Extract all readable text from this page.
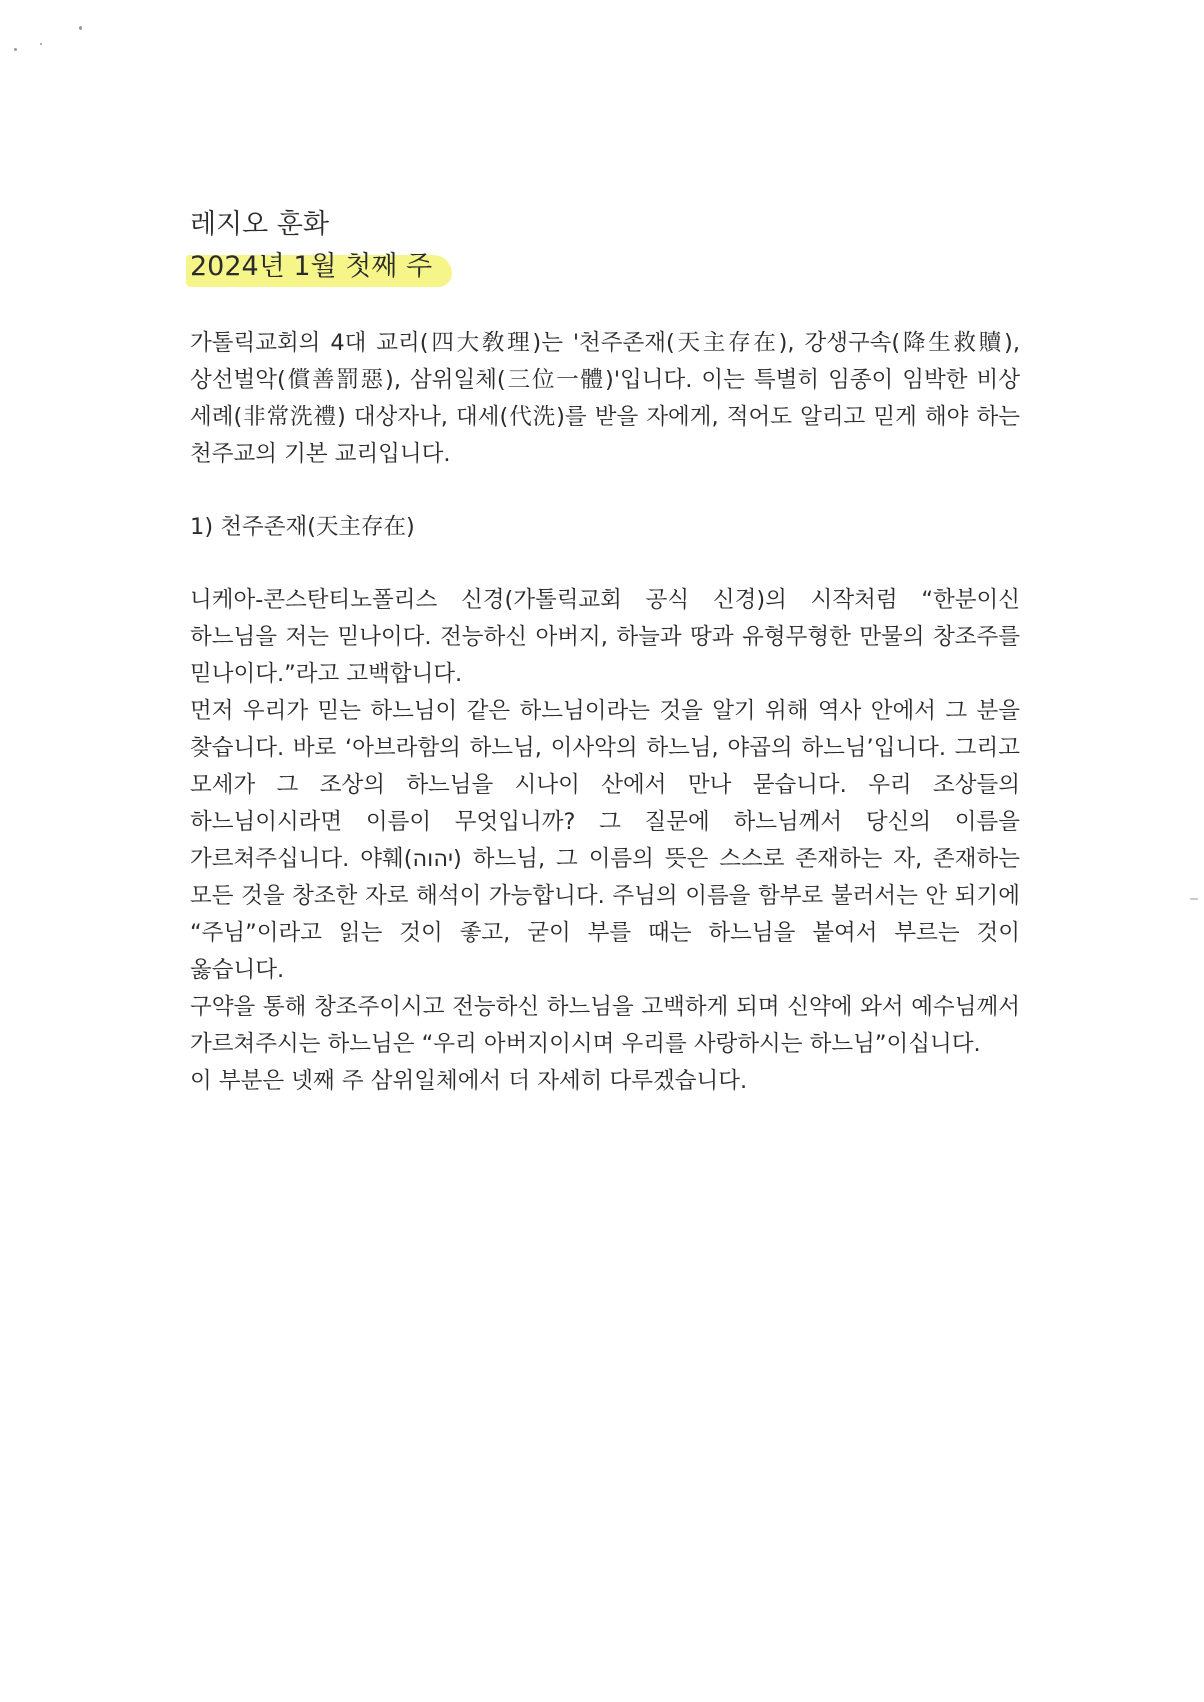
레지오 훈화
2024년 1월 첫째 주

가톨릭교회의 4대 교리(四大敎理)는 '천주존재(天主存在), 강생구속(降生救贖), 상선벌악(償善罰惡), 삼위일체(三位一體)'입니다. 이는 특별히 임종이 임박한 비상 세례(非常洗禮) 대상자나, 대세(代洗)를 받을 자에게, 적어도 알리고 믿게 해야 하는 천주교의 기본 교리입니다.

1) 천주존재(天主存在)

니케아-콘스탄티노폴리스 신경(가톨릭교회 공식 신경)의 시작처럼 “한분이신 하느님을 저는 믿나이다. 전능하신 아버지, 하늘과 땅과 유형무형한 만물의 창조주를 믿나이다.”라고 고백합니다.

먼저 우리가 믿는 하느님이 같은 하느님이라는 것을 알기 위해 역사 안에서 그 분을 찾습니다. 바로 ‘아브라함의 하느님, 이사악의 하느님, 야곱의 하느님’입니다. 그리고 모세가 그 조상의 하느님을 시나이 산에서 만나 묻습니다. 우리 조상들의 하느님이시라면 이름이 무엇입니까? 그 질문에 하느님께서 당신의 이름을 가르쳐주십니다. 야훼(יהוה) 하느님, 그 이름의 뜻은 스스로 존재하는 자, 존재하는 모든 것을 창조한 자로 해석이 가능합니다. 주님의 이름을 함부로 불러서는 안 되기에 “주님”이라고 읽는 것이 좋고, 굳이 부를 때는 하느님을 붙여서 부르는 것이 옳습니다.

구약을 통해 창조주이시고 전능하신 하느님을 고백하게 되며 신약에 와서 예수님께서 가르쳐주시는 하느님은 “우리 아버지이시며 우리를 사랑하시는 하느님”이십니다.

이 부분은 넷째 주 삼위일체에서 더 자세히 다루겠습니다.
